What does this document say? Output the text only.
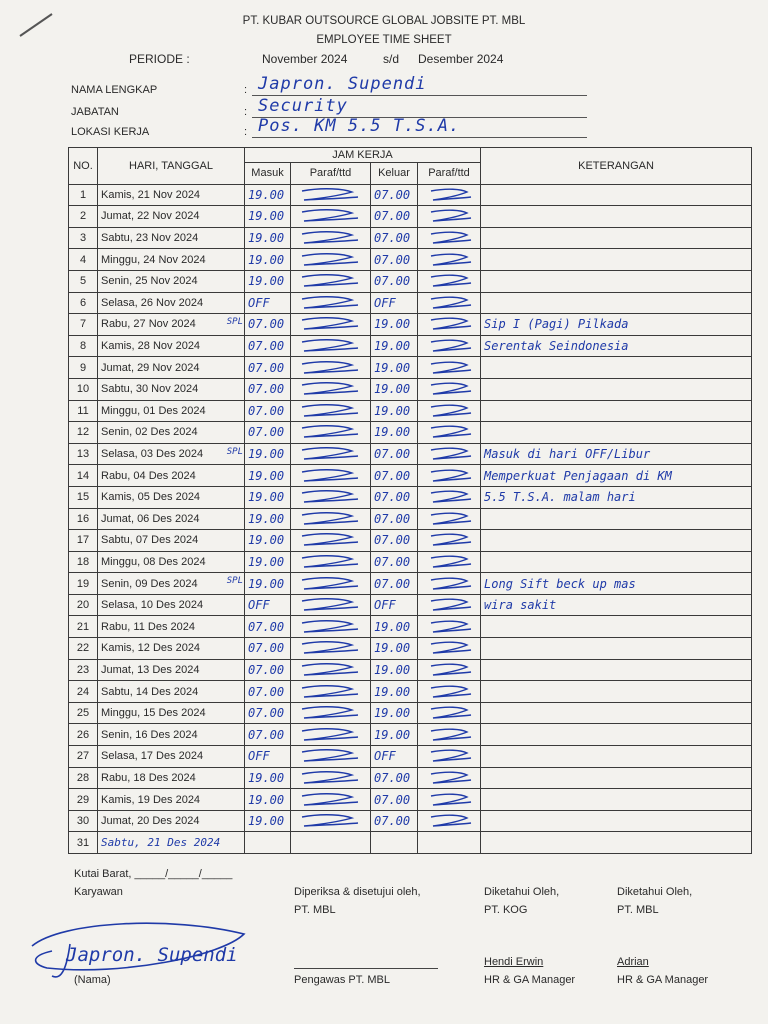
PT. KUBAR OUTSOURCE GLOBAL JOBSITE PT. MBL
EMPLOYEE TIME SHEET
PERIODE :	November 2024	s/d Desember 2024
NAMA LENGKAP	: Japron. Supendi
JABATAN	: Security
LOKASI KERJA	: Pos. KM 5.5 T.S.A.
NO.	HARI, TANGGAL	JAM KERJA				KETERANGAN
		Masuk	Paraf/ttd	Keluar	Paraf/ttd	
1	Kamis, 21 Nov 2024	19.00		07.00	

2	Jumat, 22 Nov 2024	19.00		07.00	

3	Sabtu, 23 Nov 2024	19.00		07.00	

4	Minggu, 24 Nov 2024	19.00		07.00	

5	Senin, 25 Nov 2024	19.00		07.00	

6	Selasa, 26 Nov 2024	OFF		OFF	

7	Rabu, 27 Nov 2024 SPL	07.00		19.00		Sip I (Pagi) Pilkada
8	Kamis, 28 Nov 2024	07.00		19.00		Serentak Seindonesia
9	Jumat, 29 Nov 2024	07.00		19.00	

10	Sabtu, 30 Nov 2024	07.00		19.00	

11	Minggu, 01 Des 2024	07.00		19.00	

12	Senin, 02 Des 2024	07.00		19.00	

13	Selasa, 03 Des 2024 SPL	19.00		07.00		Masuk di hari OFF/Libur
14	Rabu, 04 Des 2024	19.00		07.00		Memperkuat Penjagaan di KM
15	Kamis, 05 Des 2024	19.00		07.00		5.5 T.S.A. malam hari
16	Jumat, 06 Des 2024	19.00		07.00	

17	Sabtu, 07 Des 2024	19.00		07.00	

18	Minggu, 08 Des 2024	19.00		07.00	

19	Senin, 09 Des 2024 SPL	19.00		07.00		Long Sift beck up mas
20	Selasa, 10 Des 2024	OFF		OFF		wira sakit
21	Rabu, 11 Des 2024	07.00		19.00	

22	Kamis, 12 Des 2024	07.00		19.00	

23	Jumat, 13 Des 2024	07.00		19.00	

24	Sabtu, 14 Des 2024	07.00		19.00	

25	Minggu, 15 Des 2024	07.00		19.00	

26	Senin, 16 Des 2024	07.00		19.00	

27	Selasa, 17 Des 2024	OFF		OFF	

28	Rabu, 18 Des 2024	19.00		07.00	

29	Kamis, 19 Des 2024	19.00		07.00	

30	Jumat, 20 Des 2024	19.00		07.00	

31	Sabtu, 21 Des 2024					
Kutai Barat, _____/_____/_____
Karyawan
Japron. Supendi
(Nama)
Diperiksa & disetujui oleh,
PT. MBL
Pengawas PT. MBL
Diketahui Oleh,
PT. KOG
Hendi Erwin
HR & GA Manager
Diketahui Oleh,
PT. MBL
Adrian
HR & GA Manager
